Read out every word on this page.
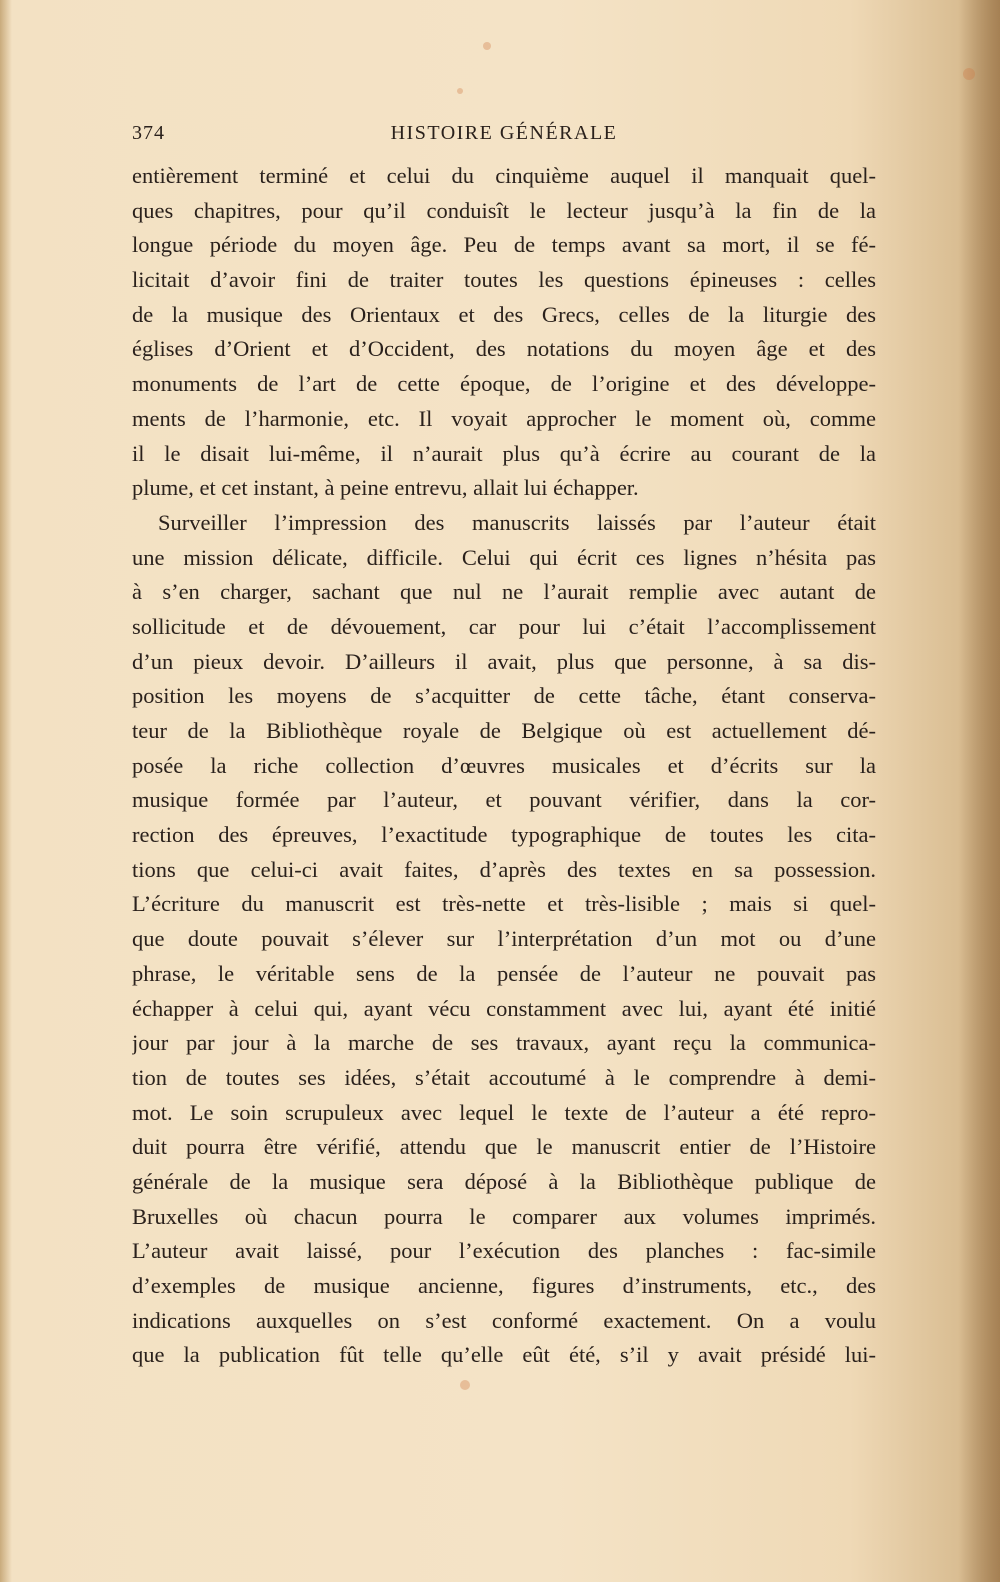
374	HISTOIRE GÉNÉRALE
entièrement terminé et celui du cinquième auquel il manquait quel-
ques chapitres, pour qu’il conduisît le lecteur jusqu’à la fin de la
longue période du moyen âge. Peu de temps avant sa mort, il se fé-
licitait d’avoir fini de traiter toutes les questions épineuses : celles
de la musique des Orientaux et des Grecs, celles de la liturgie des
églises d’Orient et d’Occident, des notations du moyen âge et des
monuments de l’art de cette époque, de l’origine et des développe-
ments de l’harmonie, etc. Il voyait approcher le moment où, comme
il le disait lui-même, il n’aurait plus qu’à écrire au courant de la
plume, et cet instant, à peine entrevu, allait lui échapper.
Surveiller l’impression des manuscrits laissés par l’auteur était
une mission délicate, difficile. Celui qui écrit ces lignes n’hésita pas
à s’en charger, sachant que nul ne l’aurait remplie avec autant de
sollicitude et de dévouement, car pour lui c’était l’accomplissement
d’un pieux devoir. D’ailleurs il avait, plus que personne, à sa dis-
position les moyens de s’acquitter de cette tâche, étant conserva-
teur de la Bibliothèque royale de Belgique où est actuellement dé-
posée la riche collection d’œuvres musicales et d’écrits sur la
musique formée par l’auteur, et pouvant vérifier, dans la cor-
rection des épreuves, l’exactitude typographique de toutes les cita-
tions que celui-ci avait faites, d’après des textes en sa possession.
L’écriture du manuscrit est très-nette et très-lisible ; mais si quel-
que doute pouvait s’élever sur l’interprétation d’un mot ou d’une
phrase, le véritable sens de la pensée de l’auteur ne pouvait pas
échapper à celui qui, ayant vécu constamment avec lui, ayant été initié
jour par jour à la marche de ses travaux, ayant reçu la communica-
tion de toutes ses idées, s’était accoutumé à le comprendre à demi-
mot. Le soin scrupuleux avec lequel le texte de l’auteur a été repro-
duit pourra être vérifié, attendu que le manuscrit entier de l’Histoire
générale de la musique sera déposé à la Bibliothèque publique de
Bruxelles où chacun pourra le comparer aux volumes imprimés.
L’auteur avait laissé, pour l’exécution des planches : fac-simile
d’exemples de musique ancienne, figures d’instruments, etc., des
indications auxquelles on s’est conformé exactement. On a voulu
que la publication fût telle qu’elle eût été, s’il y avait présidé lui-
